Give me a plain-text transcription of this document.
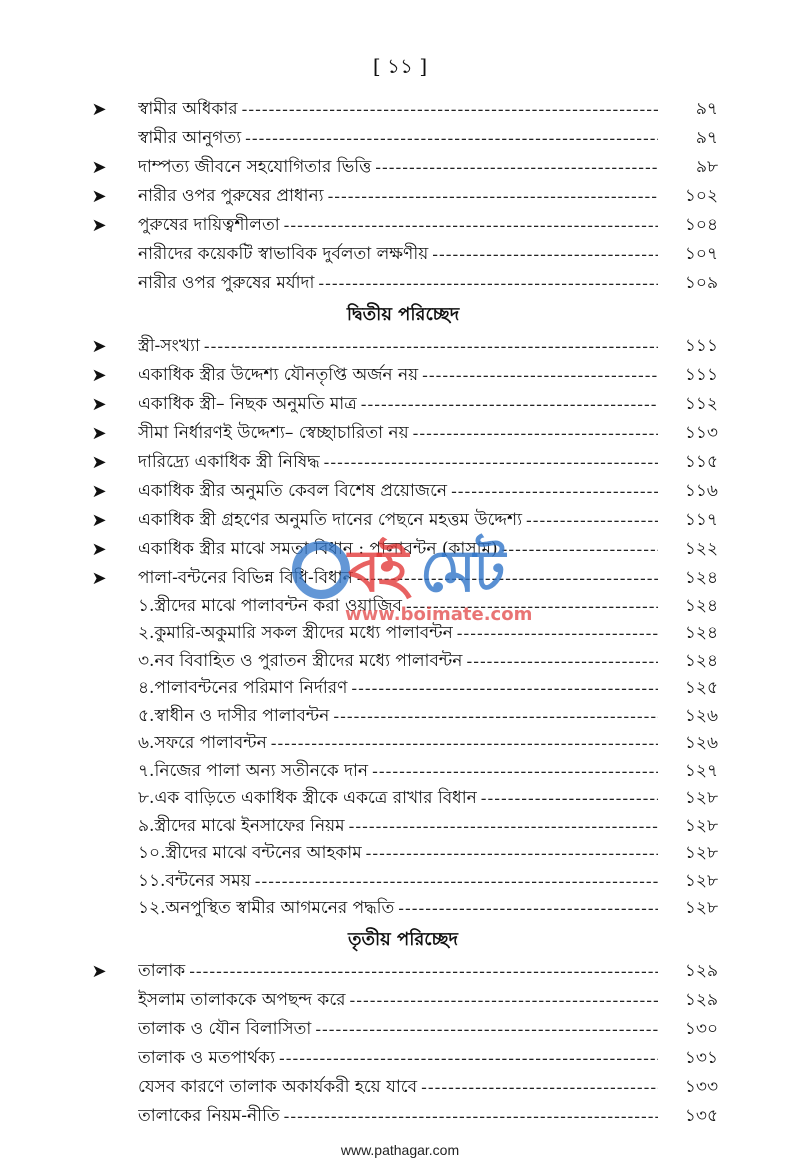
[ ১১ ]
➤ স্বামীর অধিকার -----	৯৭
স্বামীর আনুগত্য -----	৯৭
➤ দাম্পত্য জীবনে সহযোগিতার ভিত্তি -----	৯৮
➤ নারীর ওপর পুরুষের প্রাধান্য -----	১০২
➤ পুরুষের দায়িত্বশীলতা -----	১০৪
নারীদের কয়েকটি স্বাভাবিক দুর্বলতা লক্ষণীয় -----	১০৭
নারীর ওপর পুরুষের মর্যাদা -----	১০৯
দ্বিতীয় পরিচ্ছেদ
➤ স্ত্রী-সংখ্যা -----	১১১
➤ একাধিক স্ত্রীর উদ্দেশ্য যৌনতৃপ্তি অর্জন নয় -----	১১১
➤ একাধিক স্ত্রী– নিছক অনুমতি মাত্র -----	১১২
➤ সীমা নির্ধারণই উদ্দেশ্য– স্বেচ্ছাচারিতা নয় -----	১১৩
➤ দারিদ্র্যে একাধিক স্ত্রী নিষিদ্ধ -----	১১৫
➤ একাধিক স্ত্রীর অনুমতি কেবল বিশেষ প্রয়োজনে -----	১১৬
➤ একাধিক স্ত্রী গ্রহণের অনুমতি দানের পেছনে মহত্তম উদ্দেশ্য -----	১১৭
➤ একাধিক স্ত্রীর মাঝে সমতা বিধান : পালাবন্টন (কাসাম) -----	১২২
➤ পালা-বন্টনের বিভিন্ন বিধি-বিধান -----	১২৪
১. স্ত্রীদের মাঝে পালাবন্টন করা ওয়াজিব -----	১২৪
২. কুমারি-অকুমারি সকল স্ত্রীদের মধ্যে পালাবন্টন -----	১২৪
৩. নব বিবাহিত ও পুরাতন স্ত্রীদের মধ্যে পালাবন্টন -----	১২৪
৪. পালাবন্টনের পরিমাণ নির্দারণ -----	১২৫
৫. স্বাধীন ও দাসীর পালাবন্টন -----	১২৬
৬. সফরে পালাবন্টন -----	১২৬
৭. নিজের পালা অন্য সতীনকে দান -----	১২৭
৮. এক বাড়িতে একাধিক স্ত্রীকে একত্রে রাখার বিধান -----	১২৮
৯. স্ত্রীদের মাঝে ইনসাফের নিয়ম -----	১২৮
১০. স্ত্রীদের মাঝে বন্টনের আহকাম -----	১২৮
১১. বন্টনের সময় -----	১২৮
১২. অনপুস্থিত স্বামীর আগমনের পদ্ধতি -----	১২৮
তৃতীয় পরিচ্ছেদ
➤ তালাক -----	১২৯
ইসলাম তালাককে অপছন্দ করে -----	১২৯
তালাক ও যৌন বিলাসিতা -----	১৩০
তালাক ও মতপার্থক্য -----	১৩১
যেসব কারণে তালাক অকার্যকরী হয়ে যাবে -----	১৩৩
তালাকের নিয়ম-নীতি -----	১৩৫
বই মেট
www.boimate.com
www.pathagar.com
